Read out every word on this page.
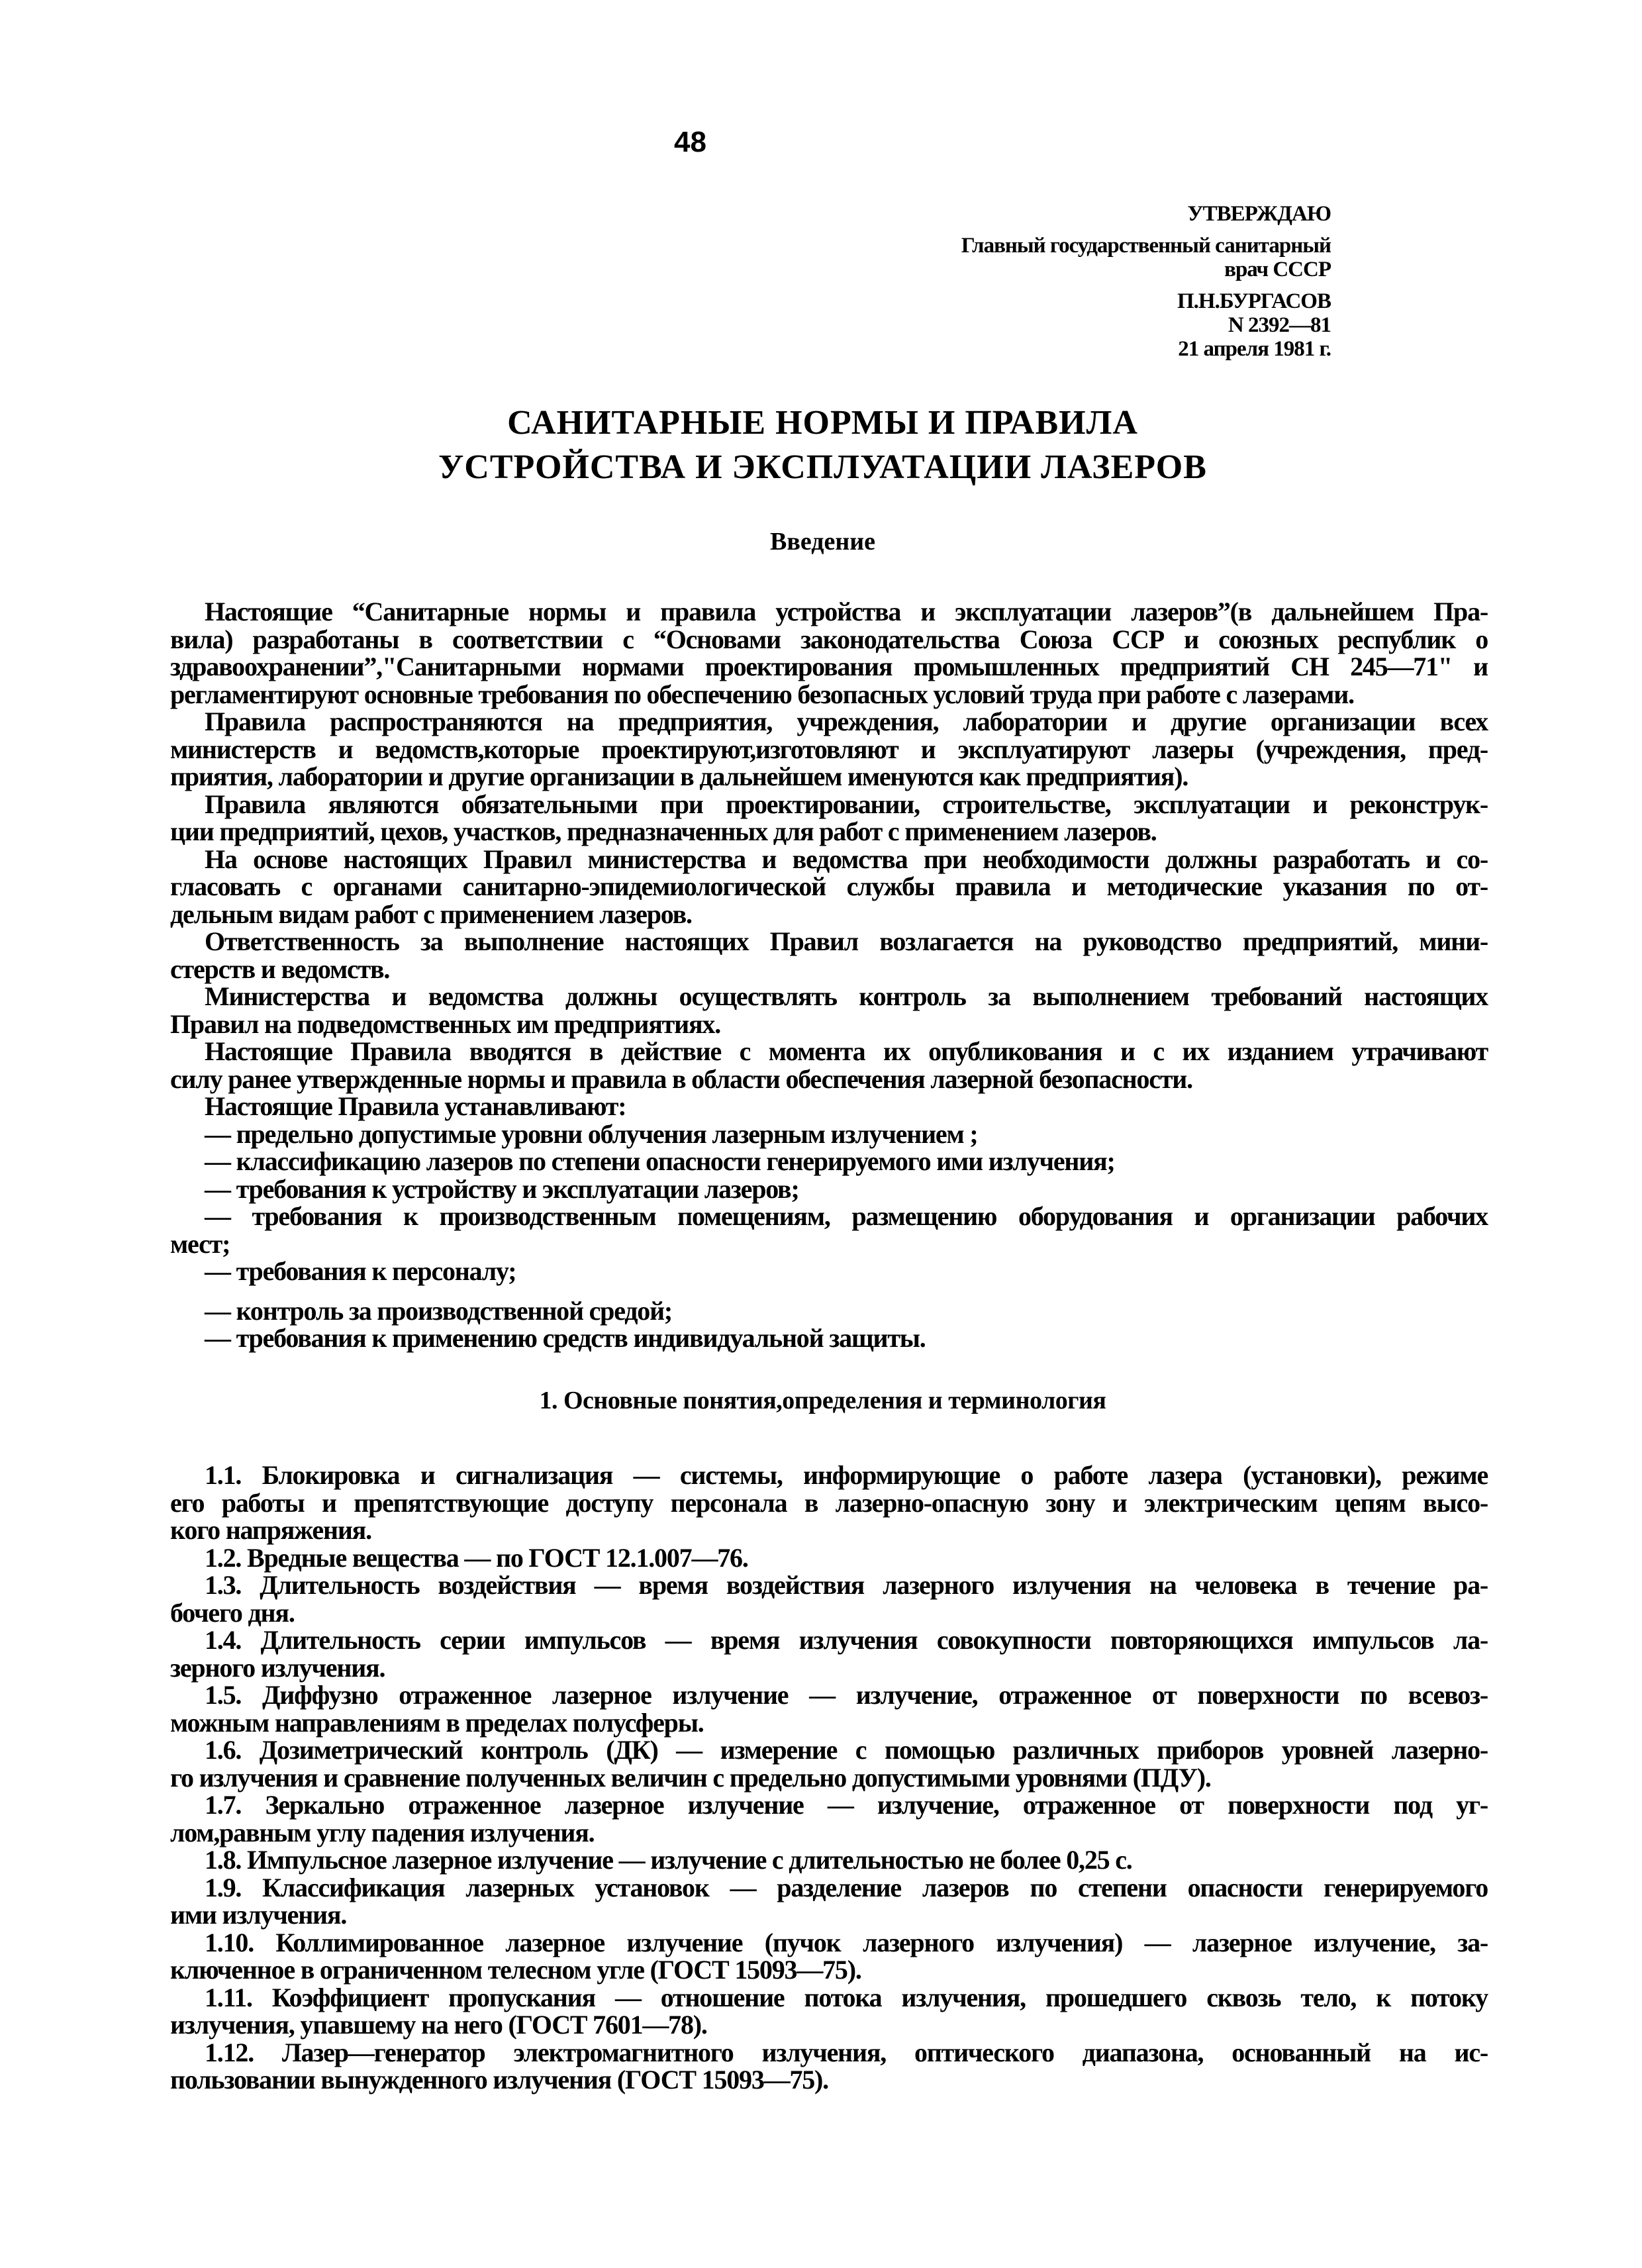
48
УТВЕРЖДАЮ
Главный государственный санитарный
врач СССР
П.Н.БУРГАСОВ
N 2392—81
21 апреля 1981 г.
САНИТАРНЫЕ НОРМЫ И ПРАВИЛА
УСТРОЙСТВА И ЭКСПЛУАТАЦИИ ЛАЗЕРОВ
Введение
Настоящие “Санитарные нормы и правила устройства и эксплуатации лазеров”(в дальнейшем Пра-
вила) разработаны в соответствии с “Основами законодательства Союза ССР и союзных республик о
здравоохранении”,"Санитарными нормами проектирования промышленных предприятий СН 245—71" и
регламентируют основные требования по обеспечению безопасных условий труда при работе с лазерами.
Правила распространяются на предприятия, учреждения, лаборатории и другие организации всех
министерств и ведомств,которые проектируют,изготовляют и эксплуатируют лазеры (учреждения, пред-
приятия, лаборатории и другие организации в дальнейшем именуются как предприятия).
Правила являются обязательными при проектировании, строительстве, эксплуатации и реконструк-
ции предприятий, цехов, участков, предназначенных для работ с применением лазеров.
На основе настоящих Правил министерства и ведомства при необходимости должны разработать и со-
гласовать с органами санитарно-эпидемиологической службы правила и методические указания по от-
дельным видам работ с применением лазеров.
Ответственность за выполнение настоящих Правил возлагается на руководство предприятий, мини-
стерств и ведомств.
Министерства и ведомства должны осуществлять контроль за выполнением требований настоящих
Правил на подведомственных им предприятиях.
Настоящие Правила вводятся в действие с момента их опубликования и с их изданием утрачивают
силу ранее утвержденные нормы и правила в области обеспечения лазерной безопасности.
Настоящие Правила устанавливают:
— предельно допустимые уровни облучения лазерным излучением ;
— классификацию лазеров по степени опасности генерируемого ими излучения;
— требования к устройству и эксплуатации лазеров;
— требования к производственным помещениям, размещению оборудования и организации рабочих
мест;
— требования к персоналу;
— контроль за производственной средой;
— требования к применению средств индивидуальной защиты.
1. Основные понятия,определения и терминология
1.1. Блокировка и сигнализация — системы, информирующие о работе лазера (установки), режиме
его работы и препятствующие доступу персонала в лазерно-опасную зону и электрическим цепям высо-
кого напряжения.
1.2. Вредные вещества — по ГОСТ 12.1.007—76.
1.3. Длительность воздействия — время воздействия лазерного излучения на человека в течение ра-
бочего дня.
1.4. Длительность серии импульсов — время излучения совокупности повторяющихся импульсов ла-
зерного излучения.
1.5. Диффузно отраженное лазерное излучение — излучение, отраженное от поверхности по всевоз-
можным направлениям в пределах полусферы.
1.6. Дозиметрический контроль (ДК) — измерение с помощью различных приборов уровней лазерно-
го излучения и сравнение полученных величин с предельно допустимыми уровнями (ПДУ).
1.7. Зеркально отраженное лазерное излучение — излучение, отраженное от поверхности под уг-
лом,равным углу падения излучения.
1.8. Импульсное лазерное излучение — излучение с длительностью не более 0,25 с.
1.9. Классификация лазерных установок — разделение лазеров по степени опасности генерируемого
ими излучения.
1.10. Коллимированное лазерное излучение (пучок лазерного излучения) — лазерное излучение, за-
ключенное в ограниченном телесном угле (ГОСТ 15093—75).
1.11. Коэффициент пропускания — отношение потока излучения, прошедшего сквозь тело, к потоку
излучения, упавшему на него (ГОСТ 7601—78).
1.12. Лазер—генератор электромагнитного излучения, оптического диапазона, основанный на ис-
пользовании вынужденного излучения (ГОСТ 15093—75).
